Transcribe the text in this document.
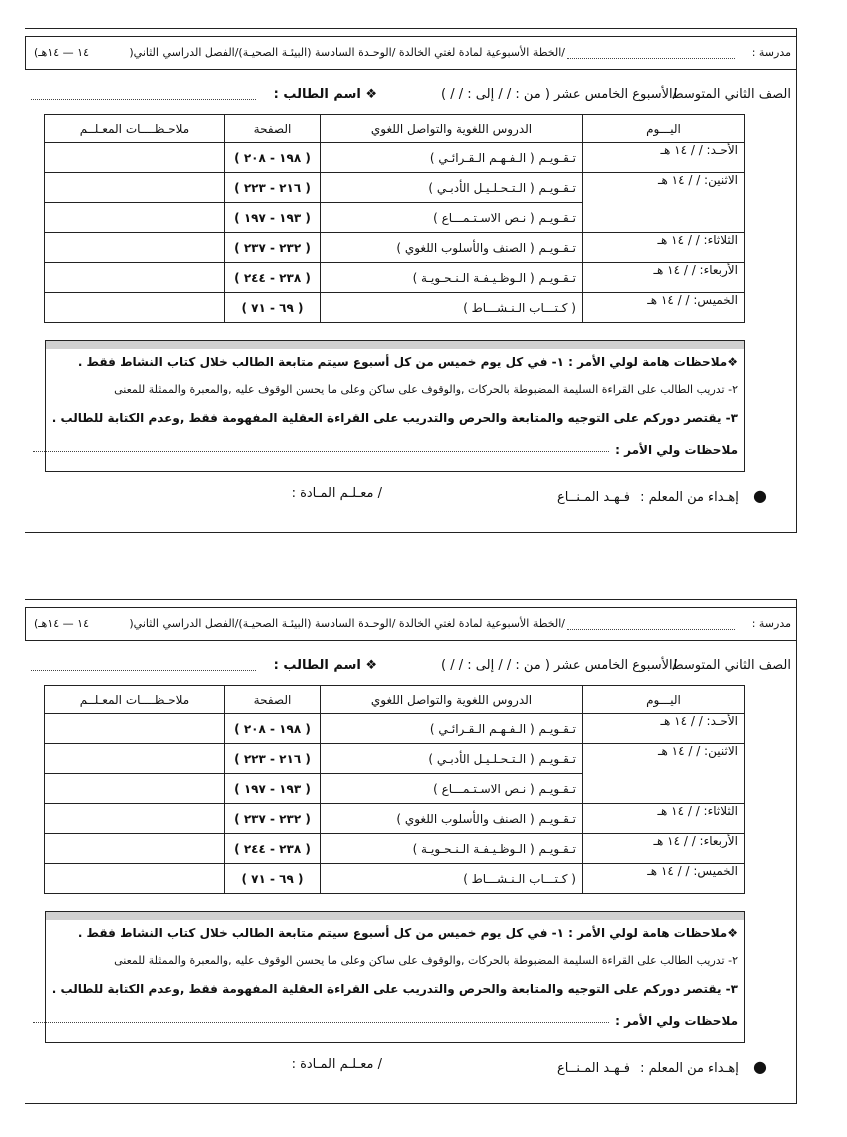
مدرسة :
/الخطة الأسبوعية لمادة لغتي الخالدة /الوحـدة السادسة (البيئـة الصحيـة)/الفصل الدراسي الثاني(
١٤ — ١٤هـ)
الصف الثاني المتوسط
/الأسبوع الخامس عشر ( من : / / إلى : / / )
❖ اسم الطالب :
اليـــوم	الدروس اللغوية والتواصل اللغوي	الصفحة	ملاحـظــــات المعـلــم
الأحـد: / / ١٤ هـ	تـقـويـم ( الـفـهـم الـقـرائـي )	( ١٩٨ - ٢٠٨ )	
الاثنين: / / ١٤ هـ	تـقـويـم ( الـتـحـلـيـل الأدبـي )	( ٢١٦ - ٢٢٣ )	
	تـقـويـم ( نـص الاسـتـمـــاع )	( ١٩٣ - ١٩٧ )	
الثلاثاء: / / ١٤ هـ	تـقـويـم ( الصنف والأسلوب اللغوي )	( ٢٣٢ - ٢٣٧ )	
الأربعاء: / / ١٤ هـ	تـقـويـم ( الـوظـيـفـة الـنـحـويـة )	( ٢٣٨ - ٢٤٤ )	
الخميس: / / ١٤ هـ	( كـتـــاب الـنـشـــاط )	( ٦٩ - ٧١ )	
❖ملاحظات هامة لولي الأمر : ١- في كل يوم خميس من كل أسبوع سيتم متابعة الطالب خلال كتاب النشاط فقط .
٢- تدريب الطالب على القراءة السليمة المضبوطة بالحركات ,والوقوف على ساكن وعلى ما يحسن الوقوف عليه ,والمعبرة والممثلة للمعنى
٣- يقتصر دوركم على التوجيه والمتابعة والحرص والتدريب على القراءة العقلية المفهومة فقط ,وعدم الكتابة للطالب .
ملاحظات ولي الأمر :
● إهـداء من المعلم : فـهـد المـنــاع
/ معـلـم المـادة :
مدرسة :
/الخطة الأسبوعية لمادة لغتي الخالدة /الوحـدة السادسة (البيئـة الصحيـة)/الفصل الدراسي الثاني(
١٤ — ١٤هـ)
الصف الثاني المتوسط
/الأسبوع الخامس عشر ( من : / / إلى : / / )
❖ اسم الطالب :
اليـــوم	الدروس اللغوية والتواصل اللغوي	الصفحة	ملاحـظــــات المعـلــم
الأحـد: / / ١٤ هـ	تـقـويـم ( الـفـهـم الـقـرائـي )	( ١٩٨ - ٢٠٨ )	
الاثنين: / / ١٤ هـ	تـقـويـم ( الـتـحـلـيـل الأدبـي )	( ٢١٦ - ٢٢٣ )	
	تـقـويـم ( نـص الاسـتـمـــاع )	( ١٩٣ - ١٩٧ )	
الثلاثاء: / / ١٤ هـ	تـقـويـم ( الصنف والأسلوب اللغوي )	( ٢٣٢ - ٢٣٧ )	
الأربعاء: / / ١٤ هـ	تـقـويـم ( الـوظـيـفـة الـنـحـويـة )	( ٢٣٨ - ٢٤٤ )	
الخميس: / / ١٤ هـ	( كـتـــاب الـنـشـــاط )	( ٦٩ - ٧١ )	
❖ملاحظات هامة لولي الأمر : ١- في كل يوم خميس من كل أسبوع سيتم متابعة الطالب خلال كتاب النشاط فقط .
٢- تدريب الطالب على القراءة السليمة المضبوطة بالحركات ,والوقوف على ساكن وعلى ما يحسن الوقوف عليه ,والمعبرة والممثلة للمعنى
٣- يقتصر دوركم على التوجيه والمتابعة والحرص والتدريب على القراءة العقلية المفهومة فقط ,وعدم الكتابة للطالب .
ملاحظات ولي الأمر :
● إهـداء من المعلم : فـهـد المـنــاع
/ معـلـم المـادة :
